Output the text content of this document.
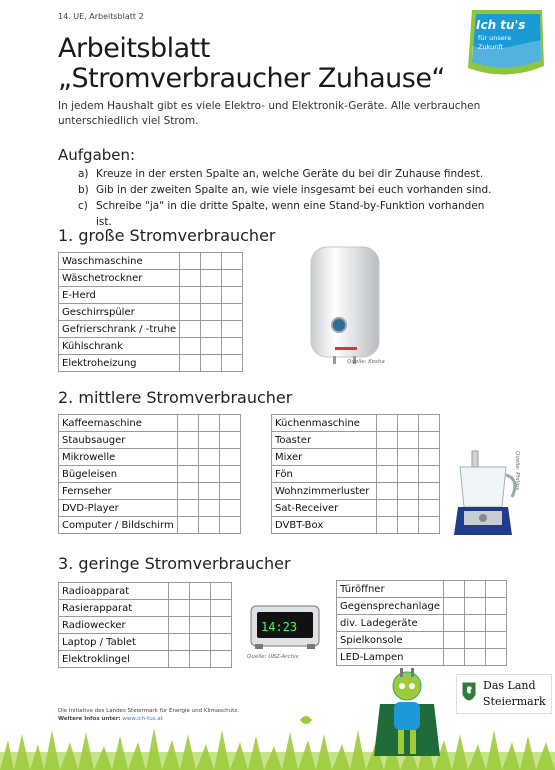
14. UE, Arbeitsblatt 2
Ich tu's
für unsere
Zukunft
Arbeitsblatt
„Stromverbraucher Zuhause“
In jedem Haushalt gibt es viele Elektro- und Elektronik-Geräte. Alle verbrauchen unterschiedlich viel Strom.
Aufgaben:
a) Kreuze in der ersten Spalte an, welche Geräte du bei dir Zuhause findest.
b) Gib in der zweiten Spalte an, wie viele insgesamt bei euch vorhanden sind.
c) Schreibe "ja" in die dritte Spalte, wenn eine Stand-by-Funktion vorhanden ist.
1. große Stromverbraucher
Waschmaschine			
Wäschetrockner			
E-Herd			
Geschirrspüler			
Gefrierschrank / -truhe			
Kühlschrank			
Elektroheizung				Quelle: Kosha
2. mittlere Stromverbraucher
Kaffeemaschine			
Staubsauger			
Mikrowelle			
Bügeleisen			
Fernseher			
DVD-Player			
Computer / Bildschirm			
Küchenmaschine			
Toaster			
Mixer			
Fön			
Wohnzimmerluster			
Sat-Receiver			
DVBT-Box			
Quelle: Philips
3. geringe Stromverbraucher
Radioapparat			
Rasierapparat			
Radiowecker			
Laptop / Tablet			
Elektroklingel			
Türöffner			
Gegensprechanlage			
div. Ladegeräte			
Spielkonsole			
LED-Lampen			
14:23
Quelle: UBZ-Archiv
Die Initiative des Landes Steiermark für Energie und Klimaschutz.
Weitere Infos unter: www.ich-tus.at
Das Land
Steiermark
